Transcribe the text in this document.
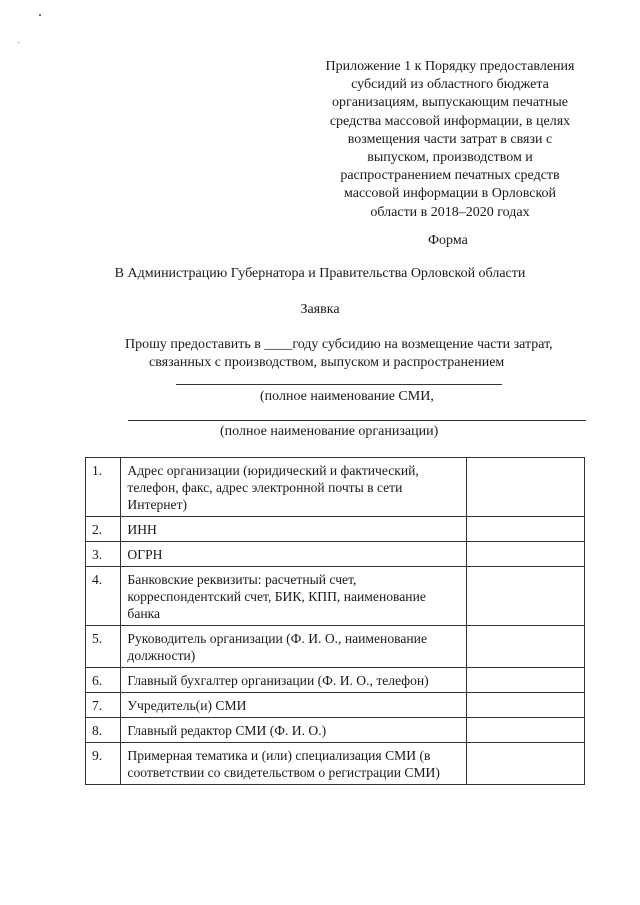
Приложение 1 к Порядку предоставления
субсидий из областного бюджета
организациям, выпускающим печатные
средства массовой информации, в целях
возмещения части затрат в связи с
выпуском, производством и
распространением печатных средств
массовой информации в Орловской
области в 2018–2020 годах
Форма
В Администрацию Губернатора и Правительства Орловской области
Заявка
Прошу предоставить в ____году субсидию на возмещение части затрат,
связанных с производством, выпуском и распространением
(полное наименование СМИ,
(полное наименование организации)
1.	Адрес организации (юридический и фактический, телефон, факс, адрес электронной почты в сети Интернет)	
2.	ИНН	
3.	ОГРН	
4.	Банковские реквизиты: расчетный счет, корреспондентский счет, БИК, КПП, наименование банка	
5.	Руководитель организации (Ф. И. О., наименование должности)	
6.	Главный бухгалтер организации (Ф. И. О., телефон)	
7.	Учредитель(и) СМИ	
8.	Главный редактор СМИ (Ф. И. О.)	
9.	Примерная тематика и (или) специализация СМИ (в соответствии со свидетельством о регистрации СМИ)	
